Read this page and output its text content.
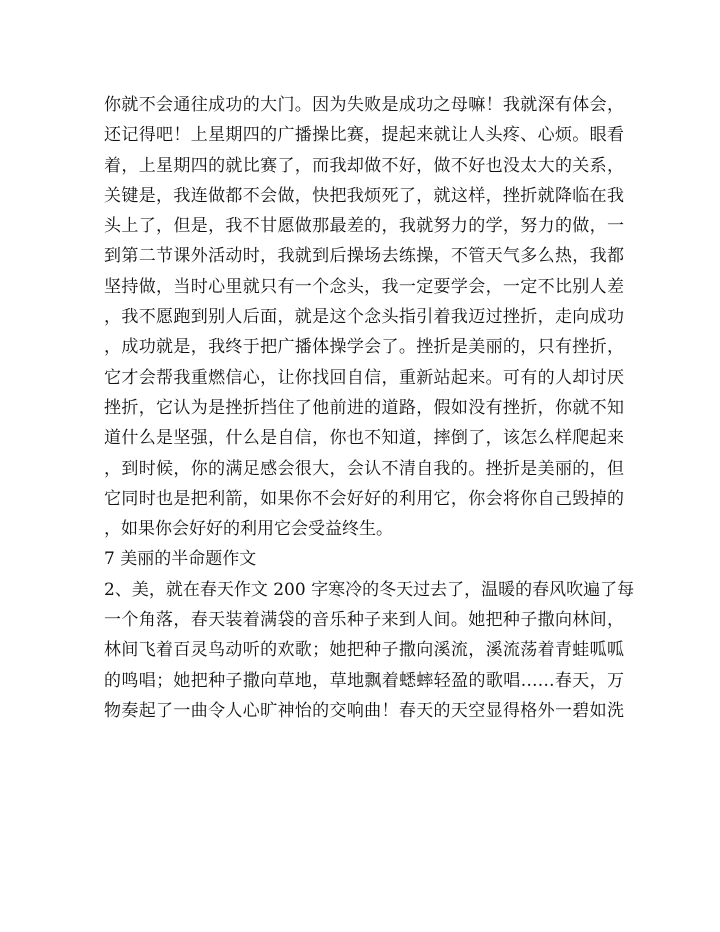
你就不会通往成功的大门。因为失败是成功之母嘛！我就深有体会，
还记得吧！上星期四的广播操比赛，提起来就让人头疼、心烦。眼看
着，上星期四的就比赛了，而我却做不好，做不好也没太大的关系，
关键是，我连做都不会做，快把我烦死了，就这样，挫折就降临在我
头上了，但是，我不甘愿做那最差的，我就努力的学，努力的做，一
到第二节课外活动时，我就到后操场去练操，不管天气多么热，我都
坚持做，当时心里就只有一个念头，我一定要学会，一定不比别人差
，我不愿跑到别人后面，就是这个念头指引着我迈过挫折，走向成功
，成功就是，我终于把广播体操学会了。挫折是美丽的，只有挫折，
它才会帮我重燃信心，让你找回自信，重新站起来。可有的人却讨厌
挫折，它认为是挫折挡住了他前进的道路，假如没有挫折，你就不知
道什么是坚强，什么是自信，你也不知道，摔倒了，该怎么样爬起来
，到时候，你的满足感会很大，会认不清自我的。挫折是美丽的，但
它同时也是把利箭，如果你不会好好的利用它，你会将你自己毁掉的
，如果你会好好的利用它会受益终生。
7 美丽的半命题作文
2、美，就在春天作文 200 字寒冷的冬天过去了，温暖的春风吹遍了每
一个角落，春天装着满袋的音乐种子来到人间。她把种子撒向林间，
林间飞着百灵鸟动听的欢歌；她把种子撒向溪流，溪流荡着青蛙呱呱
的鸣唱；她把种子撒向草地，草地飘着蟋蟀轻盈的歌唱……春天，万
物奏起了一曲令人心旷神怡的交响曲！春天的天空显得格外一碧如洗
